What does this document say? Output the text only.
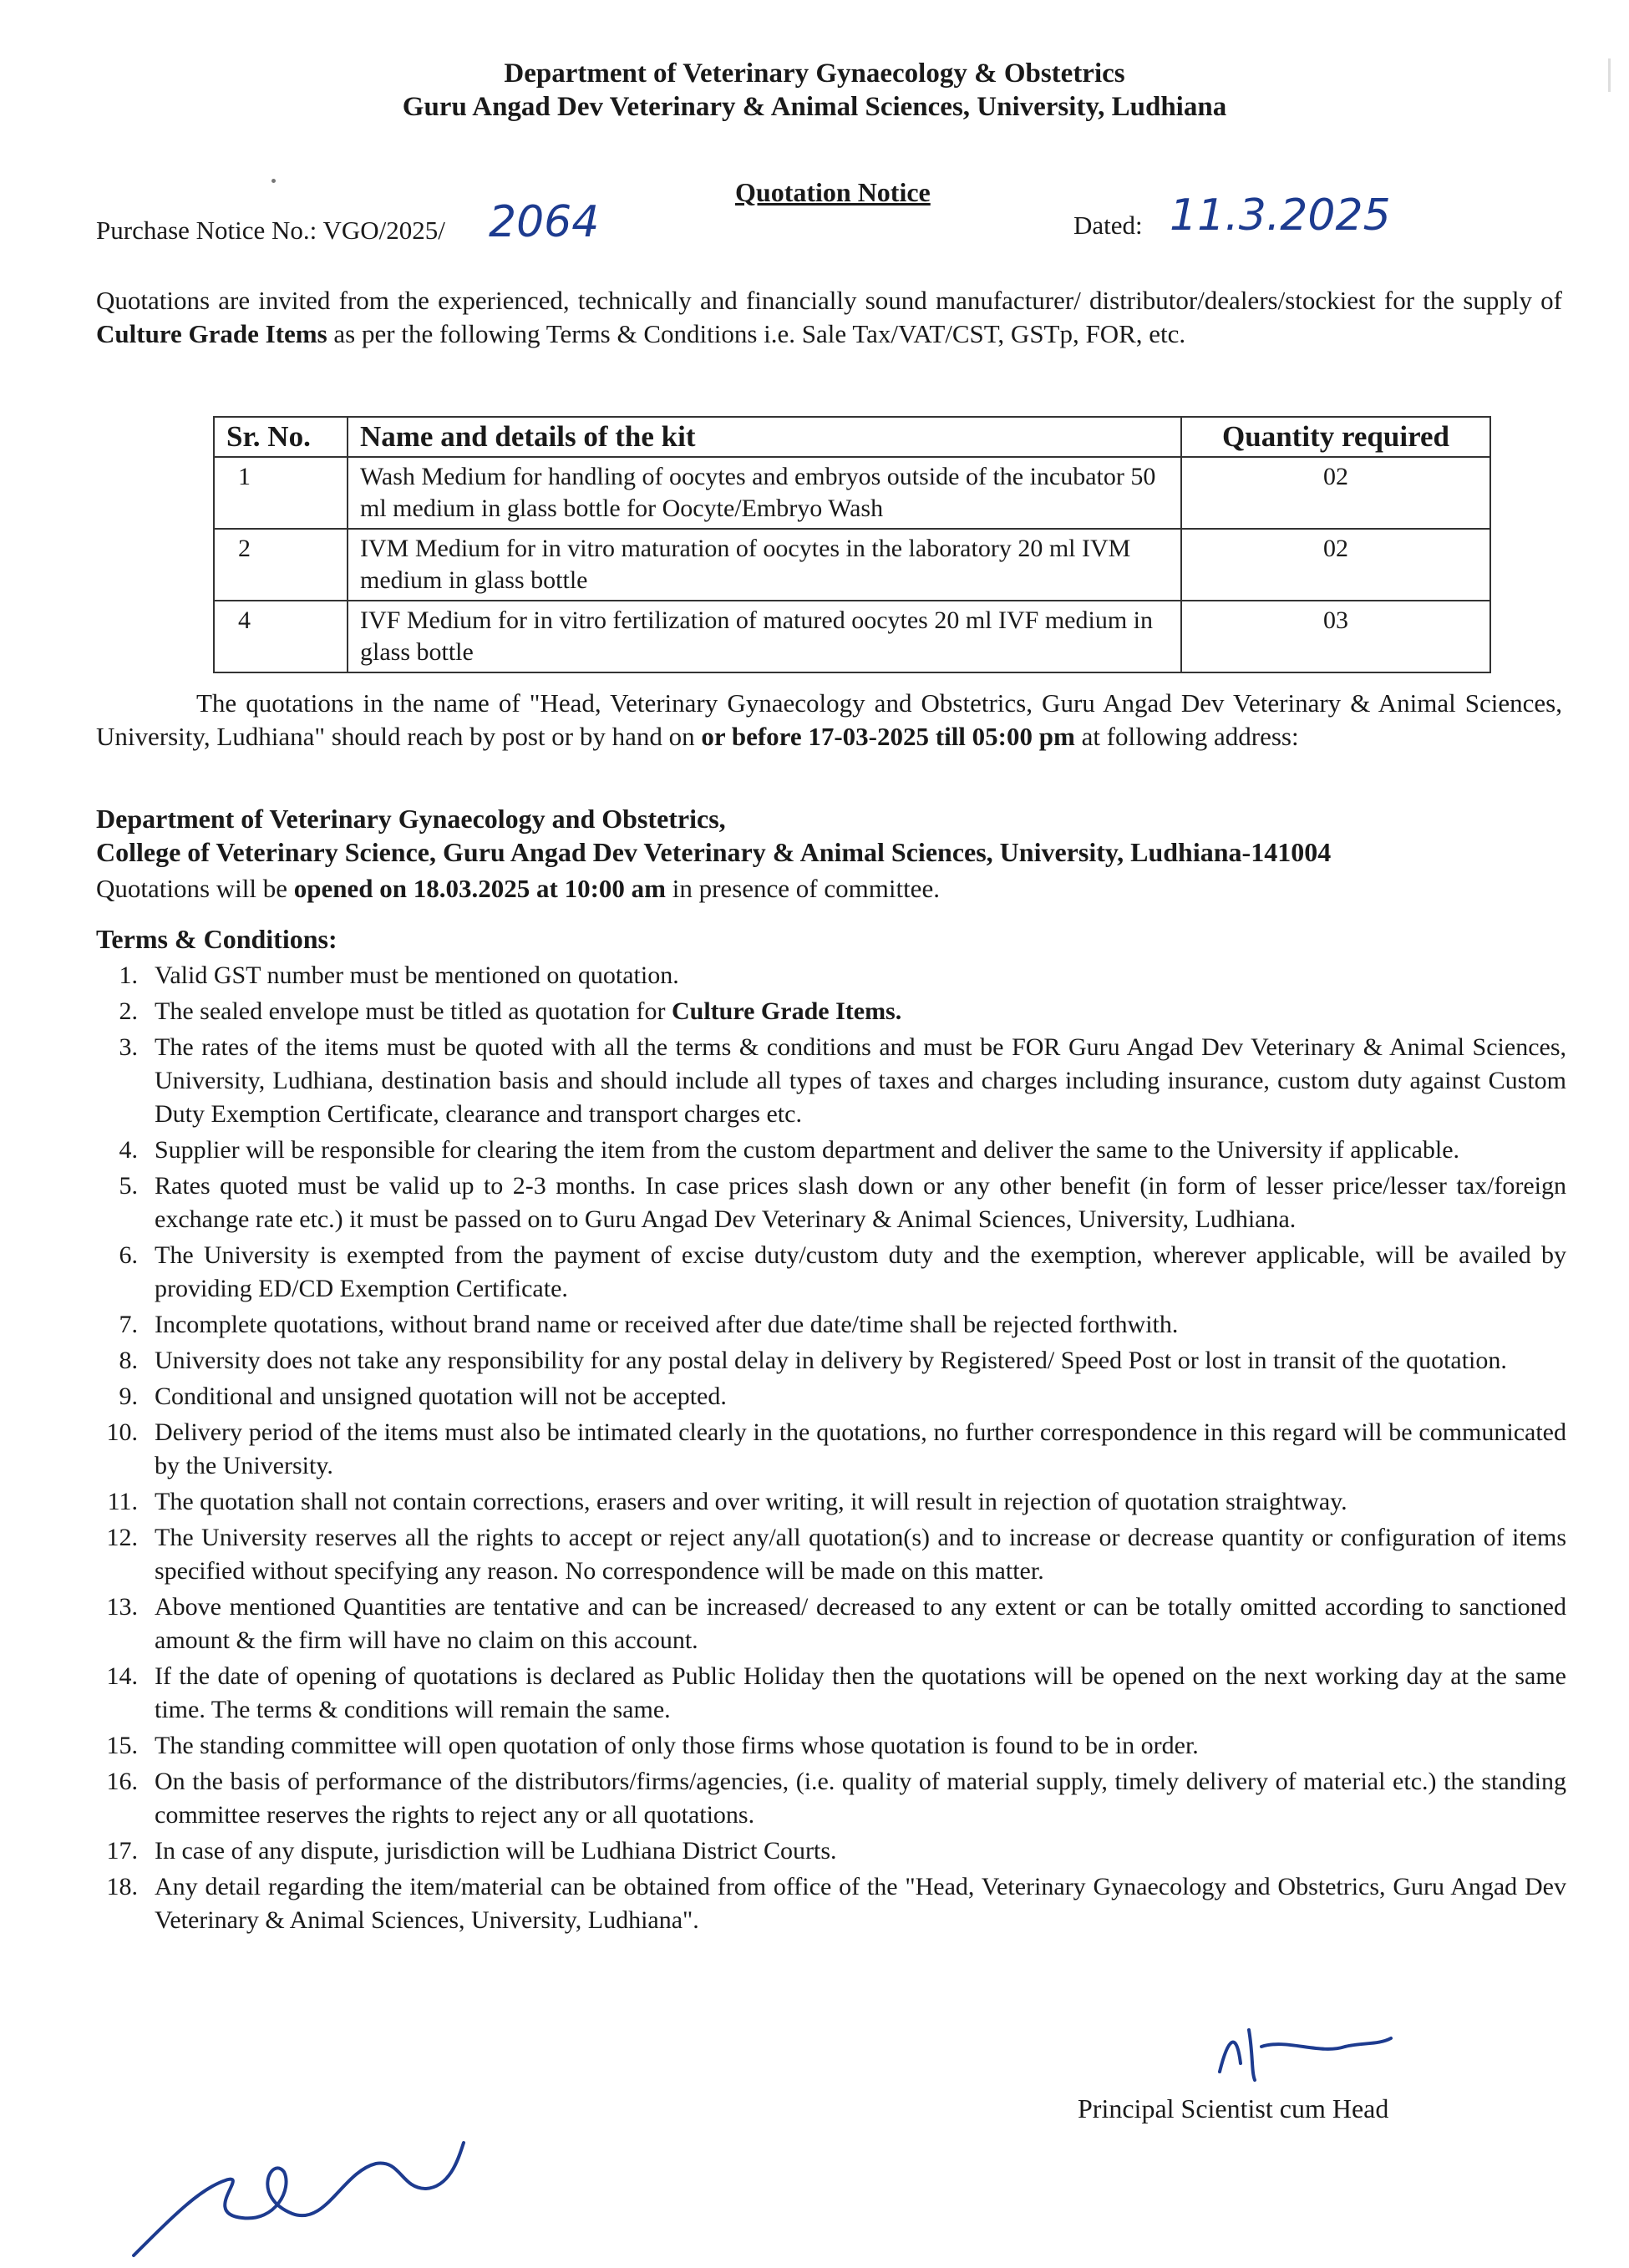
Department of Veterinary Gynaecology & Obstetrics
Guru Angad Dev Veterinary & Animal Sciences, University, Ludhiana
Quotation Notice
Purchase Notice No.: VGO/2025/ 2064	Dated: 11.3.2025

Quotations are invited from the experienced, technically and financially sound manufacturer/ distributor/dealers/stockiest for the supply of Culture Grade Items as per the following Terms & Conditions i.e. Sale Tax/VAT/CST, GSTp, FOR, etc.

Sr. No.	Name and details of the kit	Quantity required
1	Wash Medium for handling of oocytes and embryos outside of the incubator 50 ml medium in glass bottle for Oocyte/Embryo Wash	02
2	IVM Medium for in vitro maturation of oocytes in the laboratory 20 ml IVM medium in glass bottle	02
4	IVF Medium for in vitro fertilization of matured oocytes 20 ml IVF medium in glass bottle	03

The quotations in the name of "Head, Veterinary Gynaecology and Obstetrics, Guru Angad Dev Veterinary & Animal Sciences, University, Ludhiana" should reach by post or by hand on or before 17-03-2025 till 05:00 pm at following address:

Department of Veterinary Gynaecology and Obstetrics,
College of Veterinary Science, Guru Angad Dev Veterinary & Animal Sciences, University, Ludhiana-141004
Quotations will be opened on 18.03.2025 at 10:00 am in presence of committee.
Terms & Conditions:
1. Valid GST number must be mentioned on quotation.
2. The sealed envelope must be titled as quotation for Culture Grade Items.
3. The rates of the items must be quoted with all the terms & conditions and must be FOR Guru Angad Dev Veterinary & Animal Sciences, University, Ludhiana, destination basis and should include all types of taxes and charges including insurance, custom duty against Custom Duty Exemption Certificate, clearance and transport charges etc.
4. Supplier will be responsible for clearing the item from the custom department and deliver the same to the University if applicable.
5. Rates quoted must be valid up to 2-3 months. In case prices slash down or any other benefit (in form of lesser price/lesser tax/foreign exchange rate etc.) it must be passed on to Guru Angad Dev Veterinary & Animal Sciences, University, Ludhiana.
6. The University is exempted from the payment of excise duty/custom duty and the exemption, wherever applicable, will be availed by providing ED/CD Exemption Certificate.
7. Incomplete quotations, without brand name or received after due date/time shall be rejected forthwith.
8. University does not take any responsibility for any postal delay in delivery by Registered/ Speed Post or lost in transit of the quotation.
9. Conditional and unsigned quotation will not be accepted.
10. Delivery period of the items must also be intimated clearly in the quotations, no further correspondence in this regard will be communicated by the University.
11. The quotation shall not contain corrections, erasers and over writing, it will result in rejection of quotation straightway.
12. The University reserves all the rights to accept or reject any/all quotation(s) and to increase or decrease quantity or configuration of items specified without specifying any reason. No correspondence will be made on this matter.
13. Above mentioned Quantities are tentative and can be increased/ decreased to any extent or can be totally omitted according to sanctioned amount & the firm will have no claim on this account.
14. If the date of opening of quotations is declared as Public Holiday then the quotations will be opened on the next working day at the same time. The terms & conditions will remain the same.
15. The standing committee will open quotation of only those firms whose quotation is found to be in order.
16. On the basis of performance of the distributors/firms/agencies, (i.e. quality of material supply, timely delivery of material etc.) the standing committee reserves the rights to reject any or all quotations.
17. In case of any dispute, jurisdiction will be Ludhiana District Courts.
18. Any detail regarding the item/material can be obtained from office of the "Head, Veterinary Gynaecology and Obstetrics, Guru Angad Dev Veterinary & Animal Sciences, University, Ludhiana".
Principal Scientist cum Head
